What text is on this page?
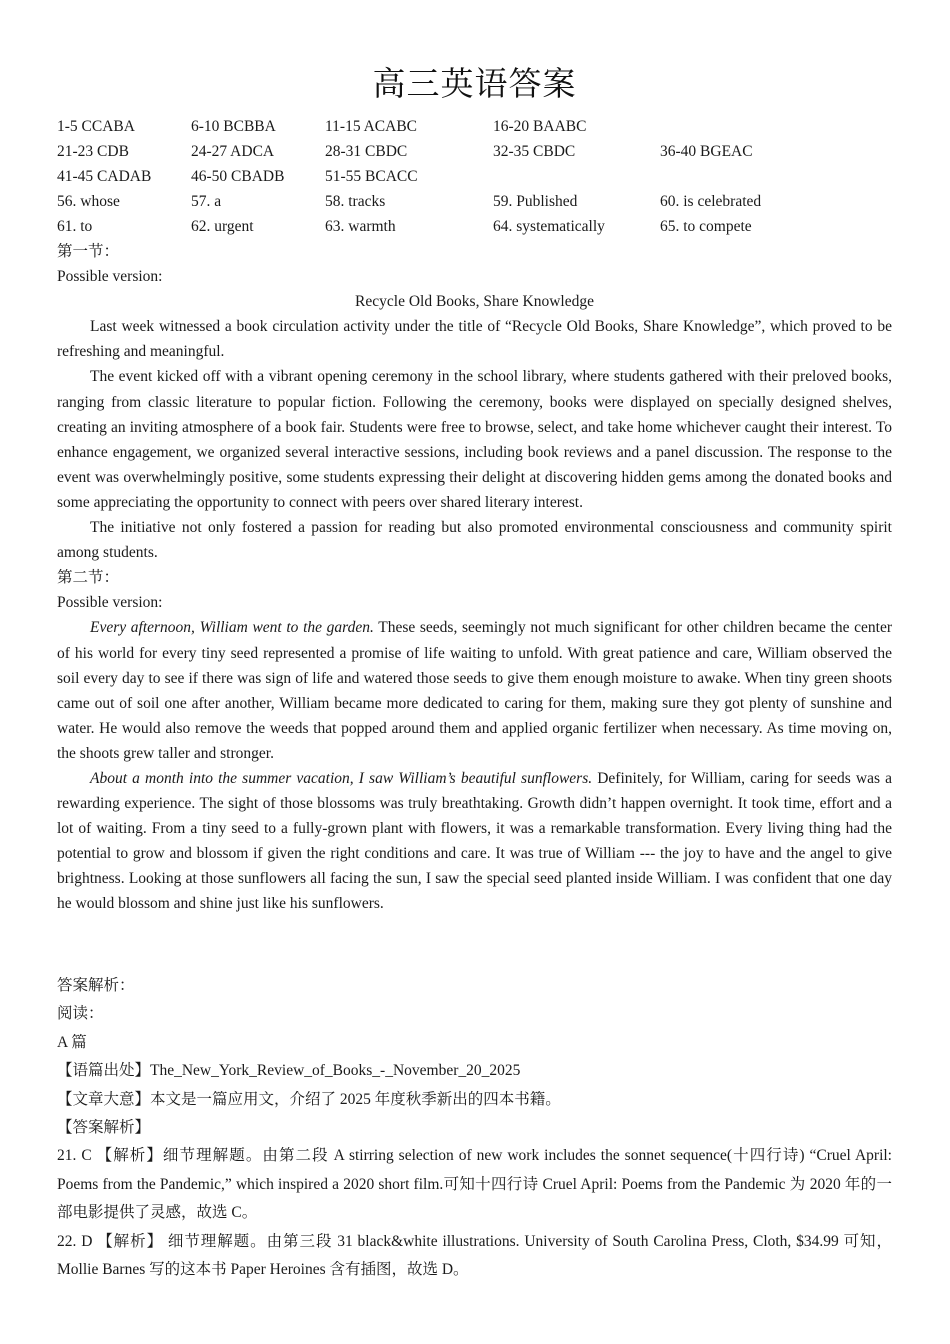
高三英语答案
1-5 CCABA	6-10 BCBBA	11-15 ACABC	16-20 BAABC
21-23 CDB	24-27 ADCA	28-31 CBDC	32-35 CBDC	36-40 BGEAC
41-45 CADAB	46-50 CBADB	51-55 BCACC
56. whose	57. a	58. tracks	59. Published	60. is celebrated
61. to	62. urgent	63. warmth	64. systematically	65. to compete
第一节：
Possible version:

Recycle Old Books, Share Knowledge

Last week witnessed a book circulation activity under the title of “Recycle Old Books, Share Knowledge”, which proved to be refreshing and meaningful.

The event kicked off with a vibrant opening ceremony in the school library, where students gathered with their preloved books, ranging from classic literature to popular fiction. Following the ceremony, books were displayed on specially designed shelves, creating an inviting atmosphere of a book fair. Students were free to browse, select, and take home whichever caught their interest. To enhance engagement, we organized several interactive sessions, including book reviews and a panel discussion. The response to the event was overwhelmingly positive, some students expressing their delight at discovering hidden gems among the donated books and some appreciating the opportunity to connect with peers over shared literary interest.

The initiative not only fostered a passion for reading but also promoted environmental consciousness and community spirit among students.

第二节：
Possible version:

Every afternoon, William went to the garden. These seeds, seemingly not much significant for other children became the center of his world for every tiny seed represented a promise of life waiting to unfold. With great patience and care, William observed the soil every day to see if there was sign of life and watered those seeds to give them enough moisture to awake. When tiny green shoots came out of soil one after another, William became more dedicated to caring for them, making sure they got plenty of sunshine and water. He would also remove the weeds that popped around them and applied organic fertilizer when necessary. As time moving on, the shoots grew taller and stronger.

About a month into the summer vacation, I saw William’s beautiful sunflowers. Definitely, for William, caring for seeds was a rewarding experience. The sight of those blossoms was truly breathtaking. Growth didn’t happen overnight. It took time, effort and a lot of waiting. From a tiny seed to a fully-grown plant with flowers, it was a remarkable transformation. Every living thing had the potential to grow and blossom if given the right conditions and care. It was true of William --- the joy to have and the angel to give brightness. Looking at those sunflowers all facing the sun, I saw the special seed planted inside William. I was confident that one day he would blossom and shine just like his sunflowers.

答案解析：
阅读：
A 篇
【语篇出处】The_New_York_Review_of_Books_-_November_20_2025
【文章大意】本文是一篇应用文，介绍了 2025 年度秋季新出的四本书籍。
【答案解析】

21. C 【解析】细节理解题。由第二段 A stirring selection of new work includes the sonnet sequence(十四行诗) “Cruel April: Poems from the Pandemic,” which inspired a 2020 short film.可知十四行诗 Cruel April: Poems from the Pandemic 为 2020 年的一部电影提供了灵感，故选 C。

22. D 【解析】 细节理解题。由第三段 31 black&white illustrations. University of South Carolina Press, Cloth, $34.99 可知，Mollie Barnes 写的这本书 Paper Heroines 含有插图，故选 D。
